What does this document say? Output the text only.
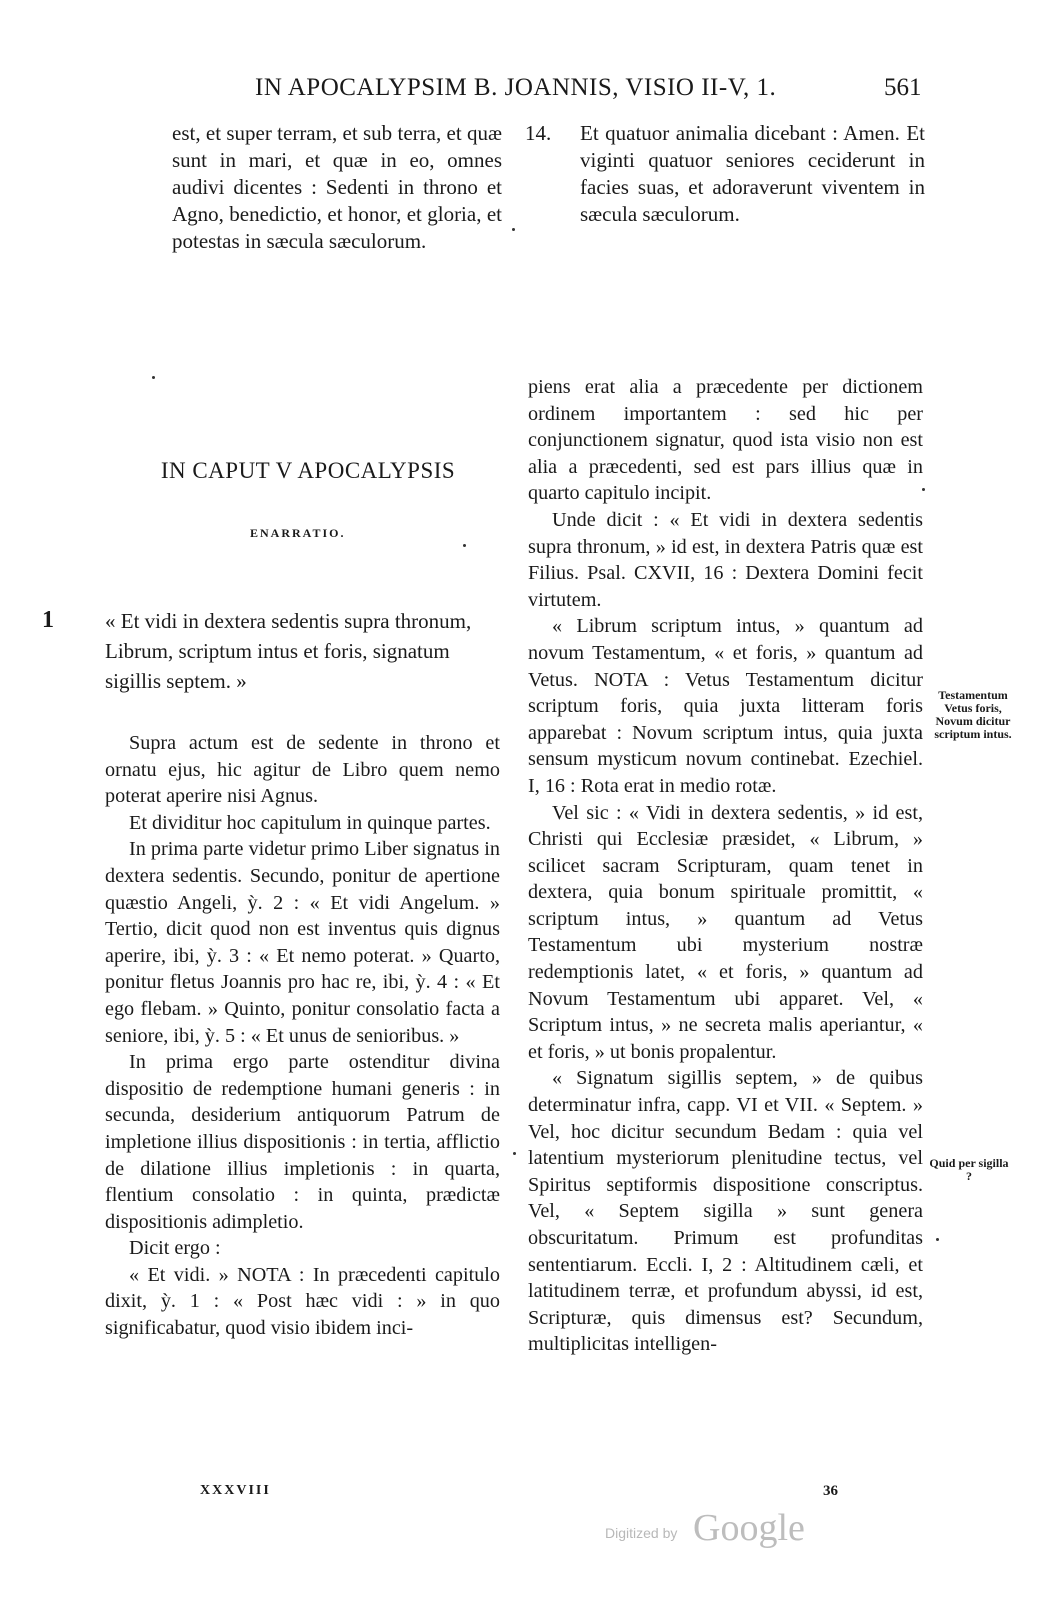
IN APOCALYPSIM B. JOANNIS, VISIO II-V, 1.	561
est, et super terram, et sub terra, et quæ sunt in mari, et quæ in eo, omnes audivi dicentes : Sedenti in throno et Agno, benedictio, et honor, et gloria, et potestas in sæcula sæculorum.
14. Et quatuor animalia dicebant : Amen. Et viginti quatuor seniores ceciderunt in facies suas, et adoraverunt viventem in sæcula sæculorum.
IN CAPUT V APOCALYPSIS
ENARRATIO.
1 « Et vidi in dextera sedentis supra thronum, Librum, scriptum intus et foris, signatum sigillis septem. »

Supra actum est de sedente in throno et ornatu ejus, hic agitur de Libro quem nemo poterat aperire nisi Agnus.

Et dividitur hoc capitulum in quinque partes.

In prima parte videtur primo Liber signatus in dextera sedentis. Secundo, ponitur de apertione quæstio Angeli, ỳ. 2 : « Et vidi Angelum. » Tertio, dicit quod non est inventus quis dignus aperire, ibi, ỳ. 3 : « Et nemo poterat. » Quarto, ponitur fletus Joannis pro hac re, ibi, ỳ. 4 : « Et ego flebam. » Quinto, ponitur consolatio facta a seniore, ibi, ỳ. 5 : « Et unus de senioribus. »

In prima ergo parte ostenditur divina dispositio de redemptione humani generis : in secunda, desiderium antiquorum Patrum de impletione illius dispositionis : in tertia, afflictio de dilatione illius impletionis : in quarta, flentium consolatio : in quinta, prædictæ dispositionis adimpletio.

Dicit ergo :

« Et vidi. » NOTA : In præcedenti capitulo dixit, ỳ. 1 : « Post hæc vidi : » in quo significabatur, quod visio ibidem inci-

piens erat alia a præcedente per dictionem ordinem importantem : sed hic per conjunctionem signatur, quod ista visio non est alia a præcedenti, sed est pars illius quæ in quarto capitulo incipit.

Unde dicit : « Et vidi in dextera sedentis supra thronum, » id est, in dextera Patris quæ est Filius. Psal. CXVII, 16 : Dextera Domini fecit virtutem.

« Librum scriptum intus, » quantum ad novum Testamentum, « et foris, » quantum ad Vetus. NOTA : Vetus Testamentum dicitur scriptum foris, quia juxta litteram foris apparebat : Novum scriptum intus, quia juxta sensum mysticum novum continebat. Ezechiel. I, 16 : Rota erat in medio rotæ.

Vel sic : « Vidi in dextera sedentis, » id est, Christi qui Ecclesiæ præsidet, « Librum, » scilicet sacram Scripturam, quam tenet in dextera, quia bonum spirituale promittit, « scriptum intus, » quantum ad Vetus Testamentum ubi mysterium nostræ redemptionis latet, « et foris, » quantum ad Novum Testamentum ubi apparet. Vel, « Scriptum intus, » ne secreta malis aperiantur, « et foris, » ut bonis propalentur.

« Signatum sigillis septem, » de quibus determinatur infra, capp. VI et VII. « Septem. » Vel, hoc dicitur secundum Bedam : quia vel latentium mysteriorum plenitudine tectus, vel Spiritus septiformis dispositione conscriptus. Vel, « Septem sigilla » sunt genera obscuritatum. Primum est profunditas sententiarum. Eccli. I, 2 : Altitudinem cæli, et latitudinem terræ, et profundum abyssi, id est, Scripturæ, quis dimensus est? Secundum, multiplicitas intelligen-

Testamentum Vetus foris, Novum dicitur scriptum intus.
Quid per sigilla ?
XXXVIII	36
Digitized by Google
